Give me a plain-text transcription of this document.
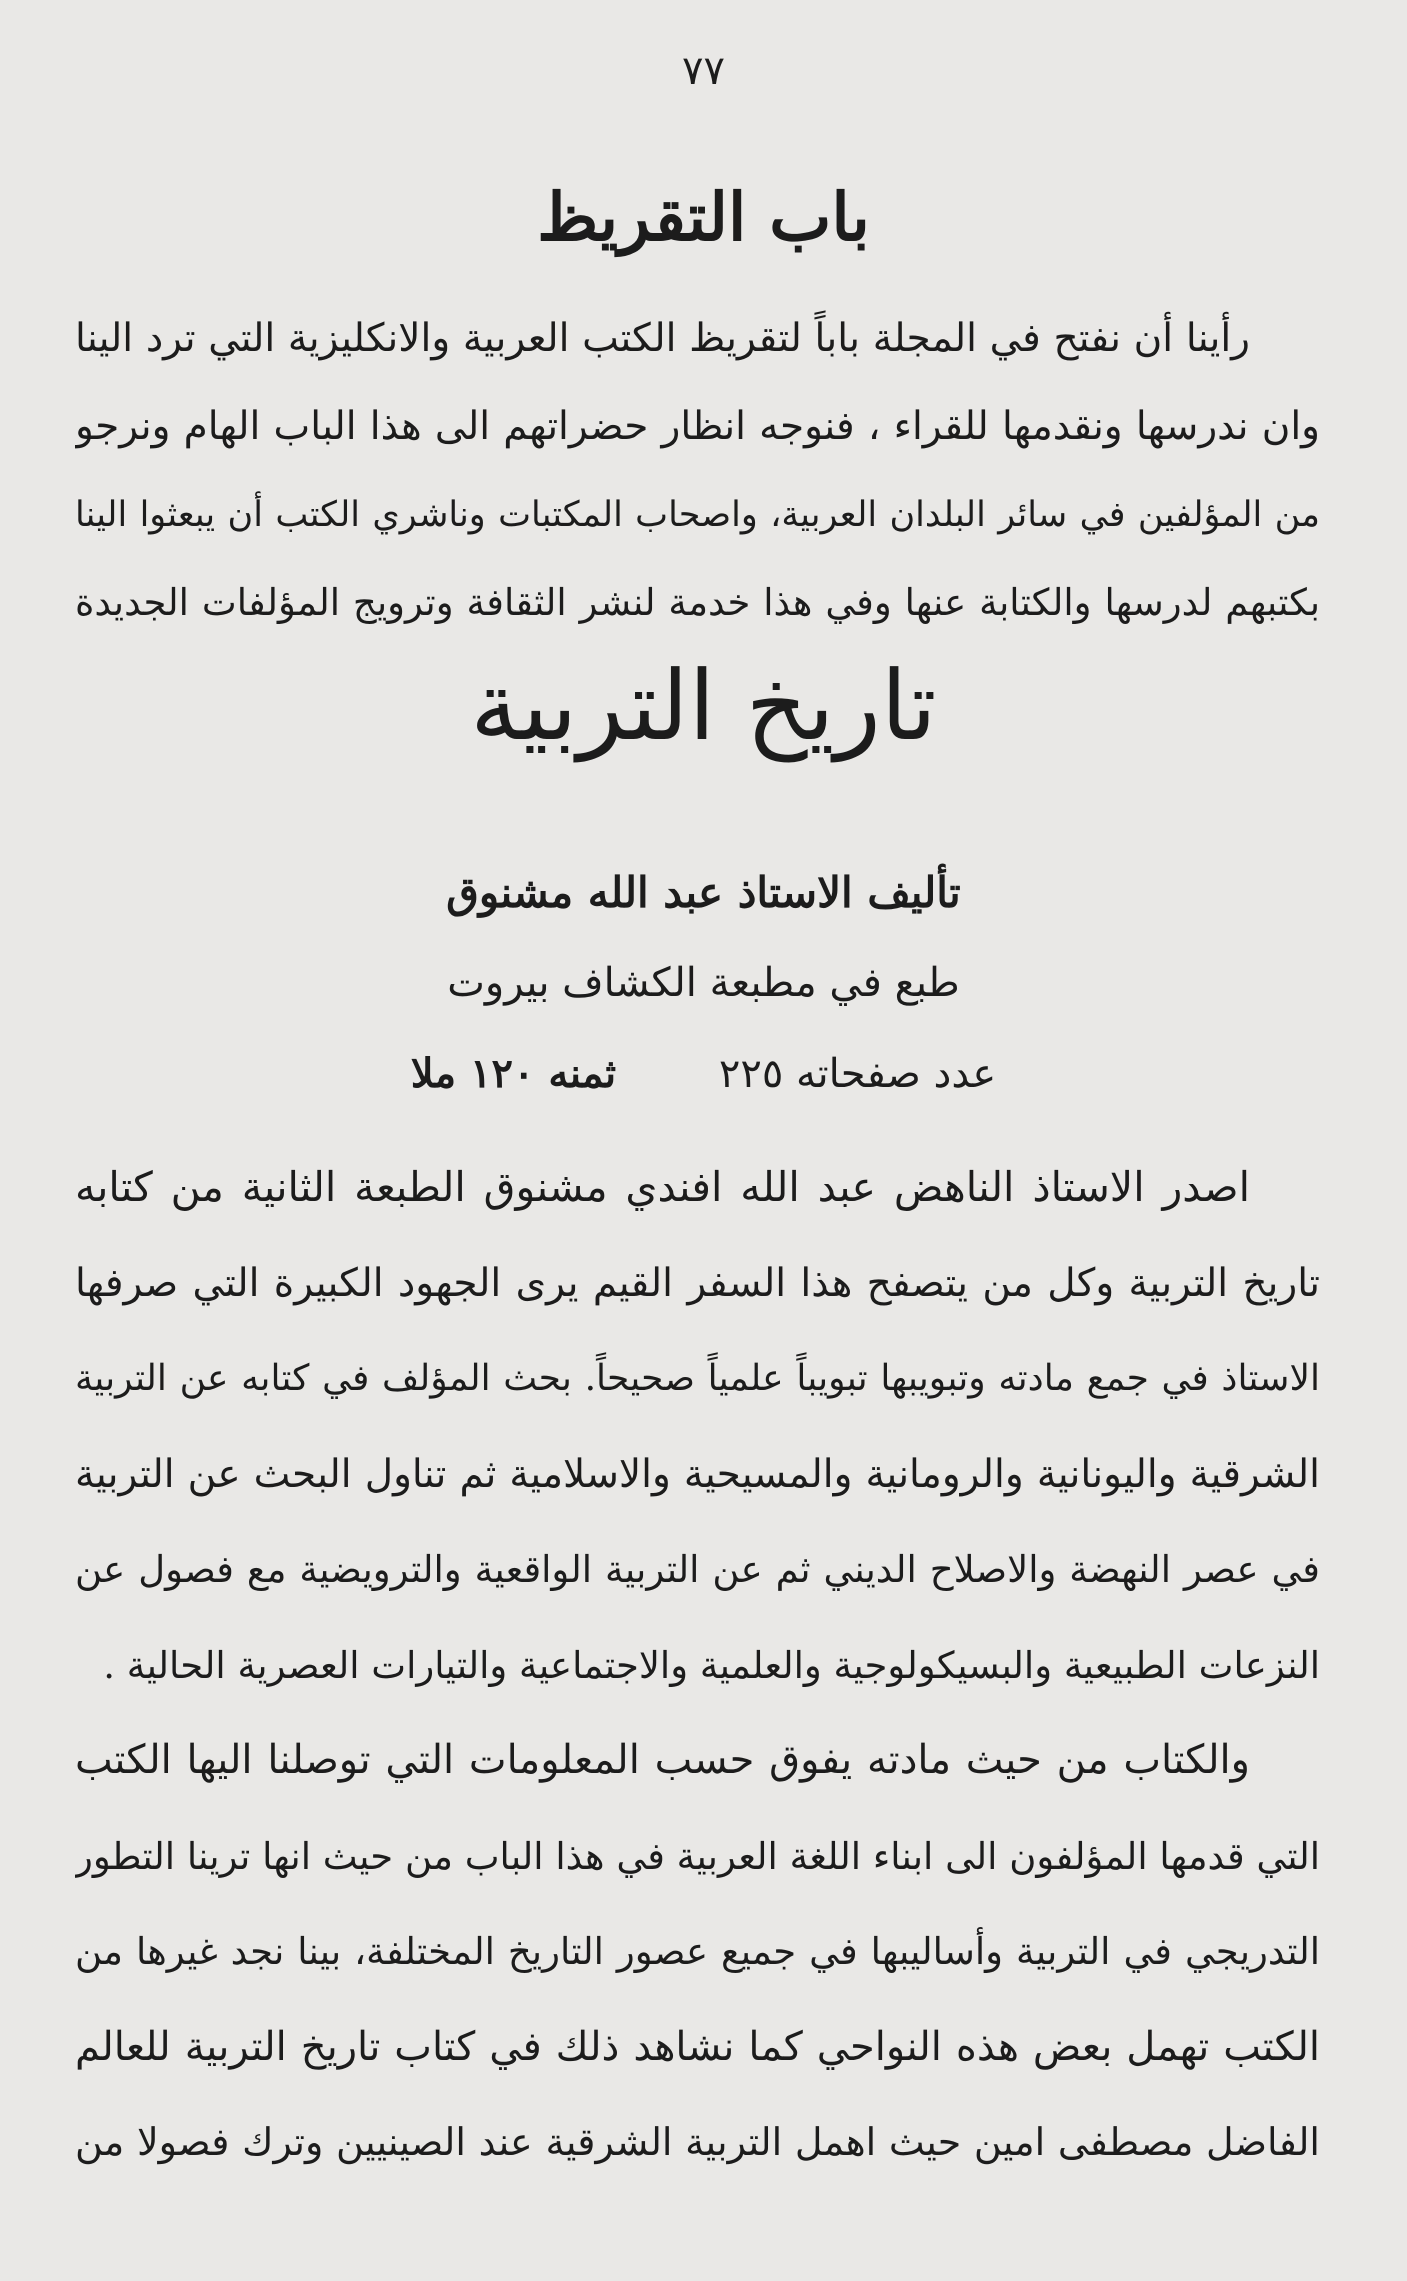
٧٧
باب التقريظ
رأينا أن نفتح في المجلة باباً لتقريظ الكتب العربية والانكليزية التي ترد الينا
وان ندرسها ونقدمها للقراء ، فنوجه انظار حضراتهم الى هذا الباب الهام ونرجو
من المؤلفين في سائر البلدان العربية، واصحاب المكتبات وناشري الكتب أن يبعثوا الينا
بكتبهم لدرسها والكتابة عنها وفي هذا خدمة لنشر الثقافة وترويج المؤلفات الجديدة
تاريخ التربية
تأليف الاستاذ عبد الله مشنوق
طبع في مطبعة الكشاف بيروت
عدد صفحاته ٢٢٥ ثمنه ١٢٠ ملا
اصدر الاستاذ الناهض عبد الله افندي مشنوق الطبعة الثانية من كتابه
تاريخ التربية وكل من يتصفح هذا السفر القيم يرى الجهود الكبيرة التي صرفها
الاستاذ في جمع مادته وتبويبها تبويباً علمياً صحيحاً. بحث المؤلف في كتابه عن التربية
الشرقية واليونانية والرومانية والمسيحية والاسلامية ثم تناول البحث عن التربية
في عصر النهضة والاصلاح الديني ثم عن التربية الواقعية والترويضية مع فصول عن
النزعات الطبيعية والبسيكولوجية والعلمية والاجتماعية والتيارات العصرية الحالية .
والكتاب من حيث مادته يفوق حسب المعلومات التي توصلنا اليها الكتب
التي قدمها المؤلفون الى ابناء اللغة العربية في هذا الباب من حيث انها ترينا التطور
التدريجي في التربية وأساليبها في جميع عصور التاريخ المختلفة، بينا نجد غيرها من
الكتب تهمل بعض هذه النواحي كما نشاهد ذلك في كتاب تاريخ التربية للعالم
الفاضل مصطفى امين حيث اهمل التربية الشرقية عند الصينيين وترك فصولا من
